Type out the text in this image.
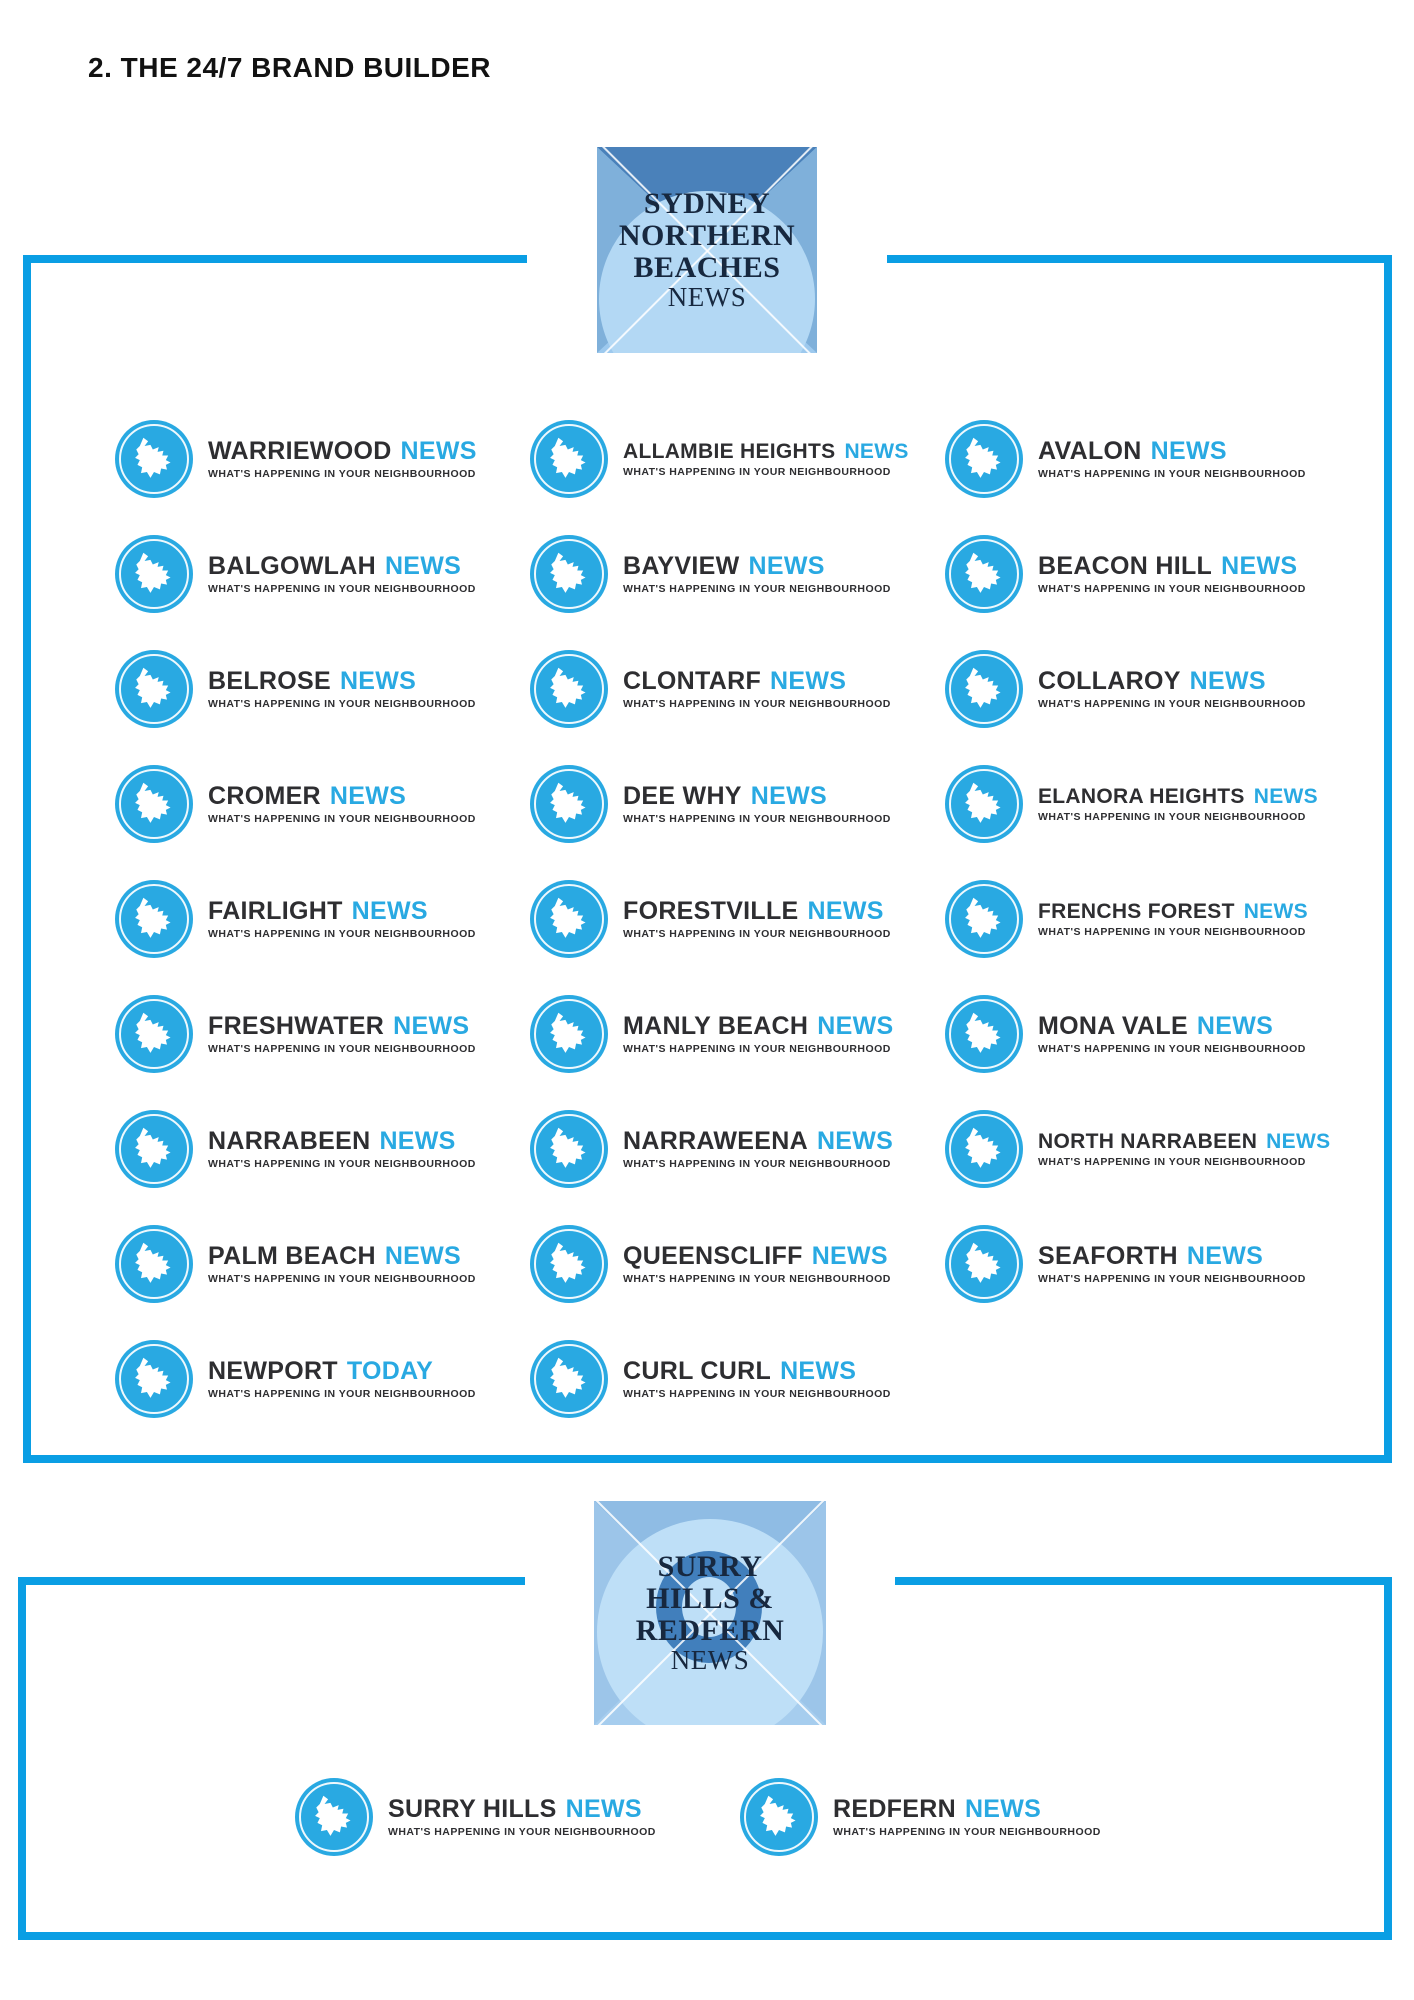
2. THE 24/7 BRAND BUILDER
SYDNEY
NORTHERN
BEACHES
NEWS
WARRIEWOOD NEWS
WHAT'S HAPPENING IN YOUR NEIGHBOURHOOD
ALLAMBIE HEIGHTS NEWS
WHAT'S HAPPENING IN YOUR NEIGHBOURHOOD
AVALON NEWS
WHAT'S HAPPENING IN YOUR NEIGHBOURHOOD
BALGOWLAH NEWS
WHAT'S HAPPENING IN YOUR NEIGHBOURHOOD
BAYVIEW NEWS
WHAT'S HAPPENING IN YOUR NEIGHBOURHOOD
BEACON HILL NEWS
WHAT'S HAPPENING IN YOUR NEIGHBOURHOOD
BELROSE NEWS
WHAT'S HAPPENING IN YOUR NEIGHBOURHOOD
CLONTARF NEWS
WHAT'S HAPPENING IN YOUR NEIGHBOURHOOD
COLLAROY NEWS
WHAT'S HAPPENING IN YOUR NEIGHBOURHOOD
CROMER NEWS
WHAT'S HAPPENING IN YOUR NEIGHBOURHOOD
DEE WHY NEWS
WHAT'S HAPPENING IN YOUR NEIGHBOURHOOD
ELANORA HEIGHTS NEWS
WHAT'S HAPPENING IN YOUR NEIGHBOURHOOD
FAIRLIGHT NEWS
WHAT'S HAPPENING IN YOUR NEIGHBOURHOOD
FORESTVILLE NEWS
WHAT'S HAPPENING IN YOUR NEIGHBOURHOOD
FRENCHS FOREST NEWS
WHAT'S HAPPENING IN YOUR NEIGHBOURHOOD
FRESHWATER NEWS
WHAT'S HAPPENING IN YOUR NEIGHBOURHOOD
MANLY BEACH NEWS
WHAT'S HAPPENING IN YOUR NEIGHBOURHOOD
MONA VALE NEWS
WHAT'S HAPPENING IN YOUR NEIGHBOURHOOD
NARRABEEN NEWS
WHAT'S HAPPENING IN YOUR NEIGHBOURHOOD
NARRAWEENA NEWS
WHAT'S HAPPENING IN YOUR NEIGHBOURHOOD
NORTH NARRABEEN NEWS
WHAT'S HAPPENING IN YOUR NEIGHBOURHOOD
PALM BEACH NEWS
WHAT'S HAPPENING IN YOUR NEIGHBOURHOOD
QUEENSCLIFF NEWS
WHAT'S HAPPENING IN YOUR NEIGHBOURHOOD
SEAFORTH NEWS
WHAT'S HAPPENING IN YOUR NEIGHBOURHOOD
NEWPORT TODAY
WHAT'S HAPPENING IN YOUR NEIGHBOURHOOD
CURL CURL NEWS
WHAT'S HAPPENING IN YOUR NEIGHBOURHOOD
SURRY
HILLS &
REDFERN
NEWS
SURRY HILLS NEWS
WHAT'S HAPPENING IN YOUR NEIGHBOURHOOD
REDFERN NEWS
WHAT'S HAPPENING IN YOUR NEIGHBOURHOOD
